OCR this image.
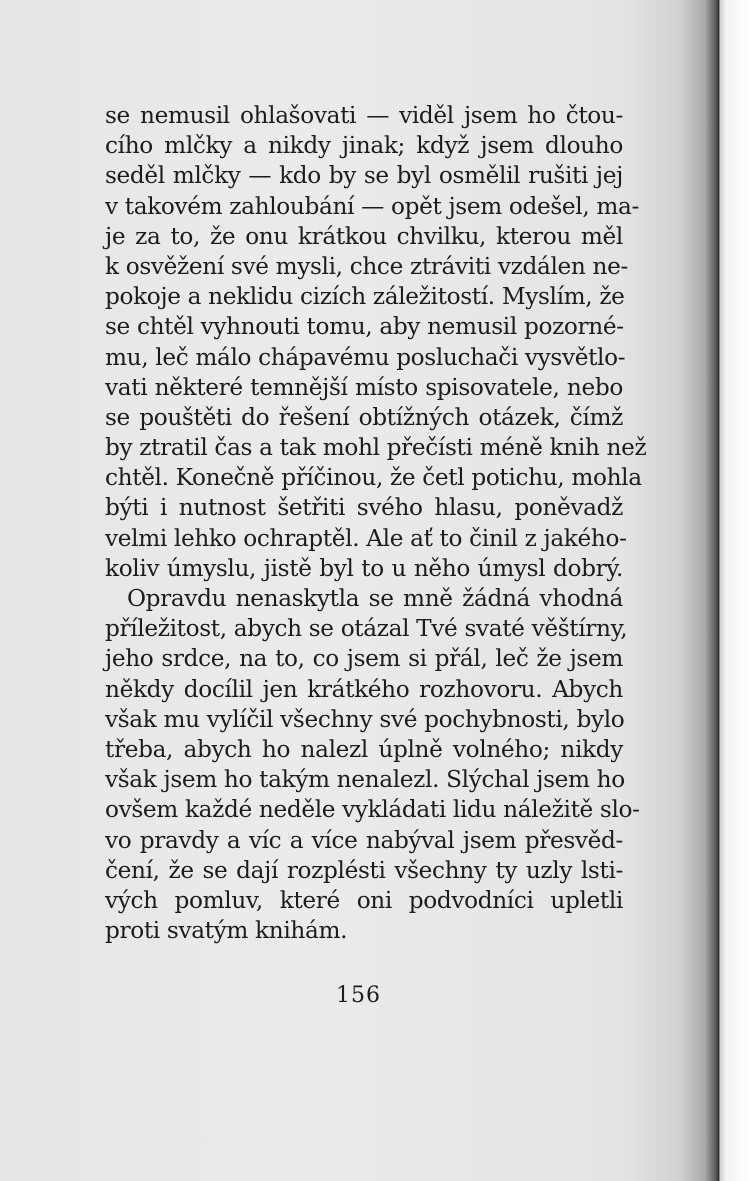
se nemusil ohlašovati — viděl jsem ho čtou-
cího mlčky a nikdy jinak; když jsem dlouho
seděl mlčky — kdo by se byl osmělil rušiti jej
v takovém zahloubání — opět jsem odešel, ma-
je za to, že onu krátkou chvilku, kterou měl
k osvěžení své mysli, chce ztráviti vzdálen ne-
pokoje a neklidu cizích záležitostí. Myslím, že
se chtěl vyhnouti tomu, aby nemusil pozorné-
mu, leč málo chápavému posluchači vysvětlo-
vati některé temnější místo spisovatele, nebo
se pouštěti do řešení obtížných otázek, čímž
by ztratil čas a tak mohl přečísti méně knih než
chtěl. Konečně příčinou, že četl potichu, mohla
býti i nutnost šetřiti svého hlasu, poněvadž
velmi lehko ochraptěl. Ale ať to činil z jakého-
koliv úmyslu, jistě byl to u něho úmysl dobrý.
Opravdu nenaskytla se mně žádná vhodná
příležitost, abych se otázal Tvé svaté věštírny,
jeho srdce, na to, co jsem si přál, leč že jsem
někdy docílil jen krátkého rozhovoru. Abych
však mu vylíčil všechny své pochybnosti, bylo
třeba, abych ho nalezl úplně volného; nikdy
však jsem ho takým nenalezl. Slýchal jsem ho
ovšem každé neděle vykládati lidu náležitě slo-
vo pravdy a víc a více nabýval jsem přesvěd-
čení, že se dají rozplésti všechny ty uzly lsti-
vých pomluv, které oni podvodníci upletli
proti svatým knihám.
156
